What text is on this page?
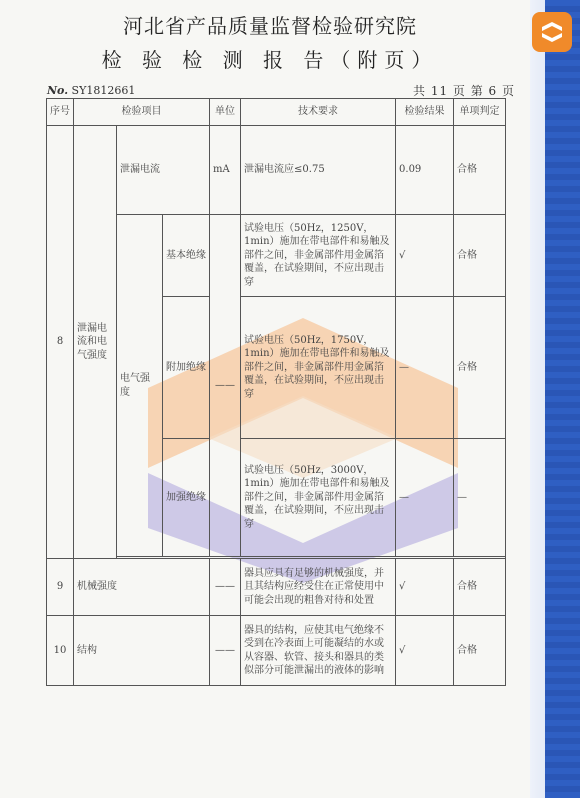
河北省产品质量监督检验研究院
检 验 检 测 报 告（附页）
No. SY1812661	共 11 页 第 6 页
序号	检验项目			单位	技术要求	检验结果	单项判定
8	泄漏电流和电气强度	泄漏电流		mA	泄漏电流应≤0.75	0.09	合格
		电气强度	基本绝缘	——	试验电压（50Hz，1250V，1min）施加在带电部件和易触及部件之间，非金属部件用金属箔覆盖，在试验期间，不应出现击穿	√	合格
			附加绝缘		试验电压（50Hz，1750V，1min）施加在带电部件和易触及部件之间，非金属部件用金属箔覆盖，在试验期间，不应出现击穿	—	合格
			加强绝缘		试验电压（50Hz，3000V，1min）施加在带电部件和易触及部件之间，非金属部件用金属箔覆盖，在试验期间，不应出现击穿	—	—

9	机械强度			——	器具应具有足够的机械强度，并且其结构应经受住在正常使用中可能会出现的粗鲁对待和处置	√	合格
10	结构			——	器具的结构，应使其电气绝缘不受到在冷表面上可能凝结的水或从容器、软管、接头和器具的类似部分可能泄漏出的液体的影响	√	合格
